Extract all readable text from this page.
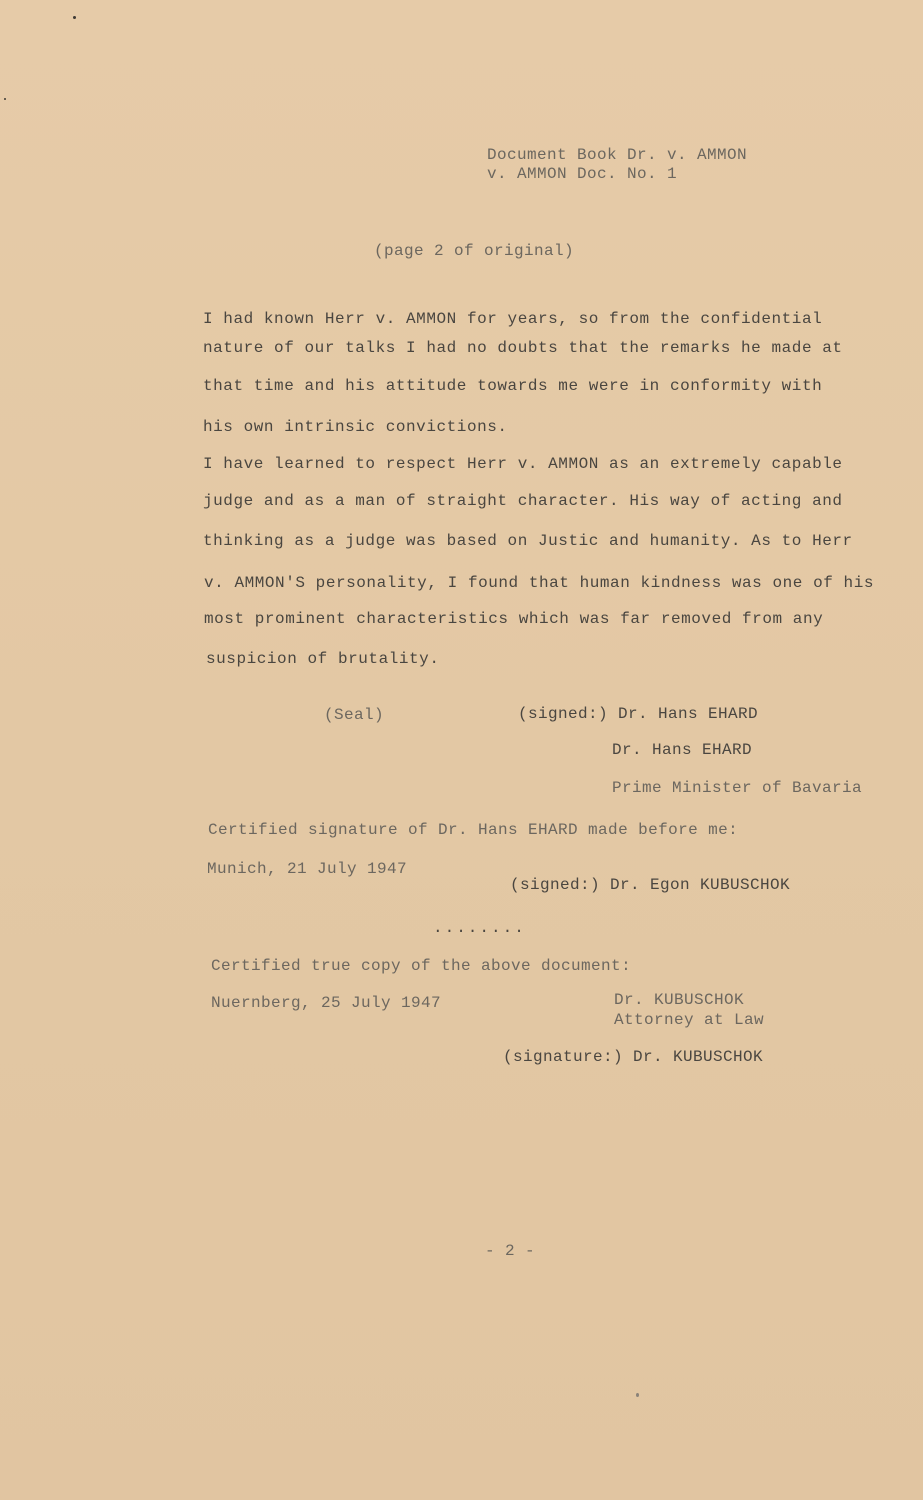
Document Book Dr. v. AMMON
v. AMMON Doc. No. 1
(page 2 of original)
I had known Herr v. AMMON for years, so from the confidential
nature of our talks I had no doubts that the remarks he made at
that time and his attitude towards me were in conformity with
his own intrinsic convictions.
I have learned to respect Herr v. AMMON as an extremely capable
judge and as a man of straight character. His way of acting and
thinking as a judge was based on Justic and humanity. As to Herr
v. AMMON'S personality, I found that human kindness was one of his
most prominent characteristics which was far removed from any
suspicion of brutality.
(Seal)	(signed:) Dr. Hans EHARD
Dr. Hans EHARD
Prime Minister of Bavaria
Certified signature of Dr. Hans EHARD made before me:
Munich, 21 July 1947
(signed:) Dr. Egon KUBUSCHOK
........
Certified true copy of the above document:
Nuernberg, 25 July 1947	Dr. KUBUSCHOK
Attorney at Law
(signature:) Dr. KUBUSCHOK
- 2 -
